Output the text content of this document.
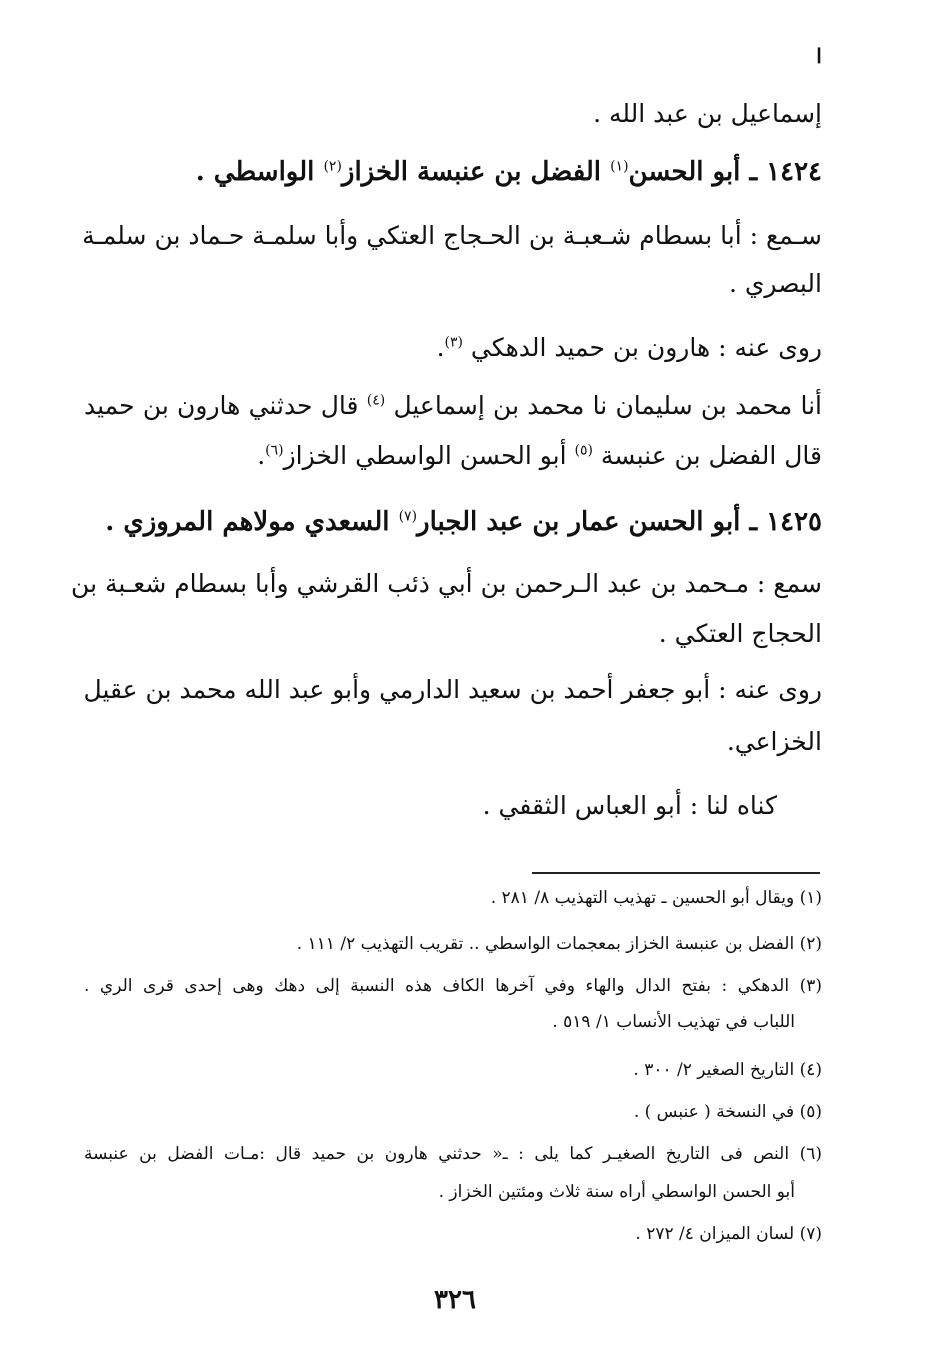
ا
إسماعيل بن عبد الله .
١٤٢٤ ـ أبو الحسن$^{(١)}$ الفضل بن عنبسة الخزاز$^{(٢)}$ الواسطي .
سـمع : أبا بسطام شـعبـة بن الحـجاج العتكي وأبا سلمـة حـماد بن سلمـة
البصري .
روى عنه : هارون بن حميد الدهكي $^{(٣)}$.
أنا محمد بن سليمان نا محمد بن إسماعيل $^{(٤)}$ قال حدثني هارون بن حميد
قال الفضل بن عنبسة $^{(٥)}$ أبو الحسن الواسطي الخزاز$^{(٦)}$.
١٤٢٥ ـ أبو الحسن عمار بن عبد الجبار$^{(٧)}$ السعدي مولاهم المروزي .
سمع : مـحمد بن عبد الـرحمن بن أبي ذئب القرشي وأبا بسطام شعـبة بن
الحجاج العتكي .
روى عنه : أبو جعفر أحمد بن سعيد الدارمي وأبو عبد الله محمد بن عقيل
الخزاعي.
كناه لنا : أبو العباس الثقفي .
(١) ويقال أبو الحسين ـ تهذيب التهذيب ٨/ ٢٨١ .
(٢) الفضل بن عنبسة الخزاز بمعجمات الواسطي .. تقريب التهذيب ٢/ ١١١ .
(٣) الدهكي : بفتح الدال والهاء وفي آخرها الكاف هذه النسبة إلى دهك وهى إحدى قرى الري .
اللباب في تهذيب الأنساب ١/ ٥١٩ .
(٤) التاريخ الصغير ٢/ ٣٠٠ .
(٥) في النسخة ( عنبس ) .
(٦) النص فى التاريخ الصغيـر كما يلى : ـ« حدثني هارون بن حميد قال :مـات الفضل بن عنبسة
أبو الحسن الواسطي أراه سنة ثلاث ومئتين الخزاز .
(٧) لسان الميزان ٤/ ٢٧٢ .
٣٢٦
